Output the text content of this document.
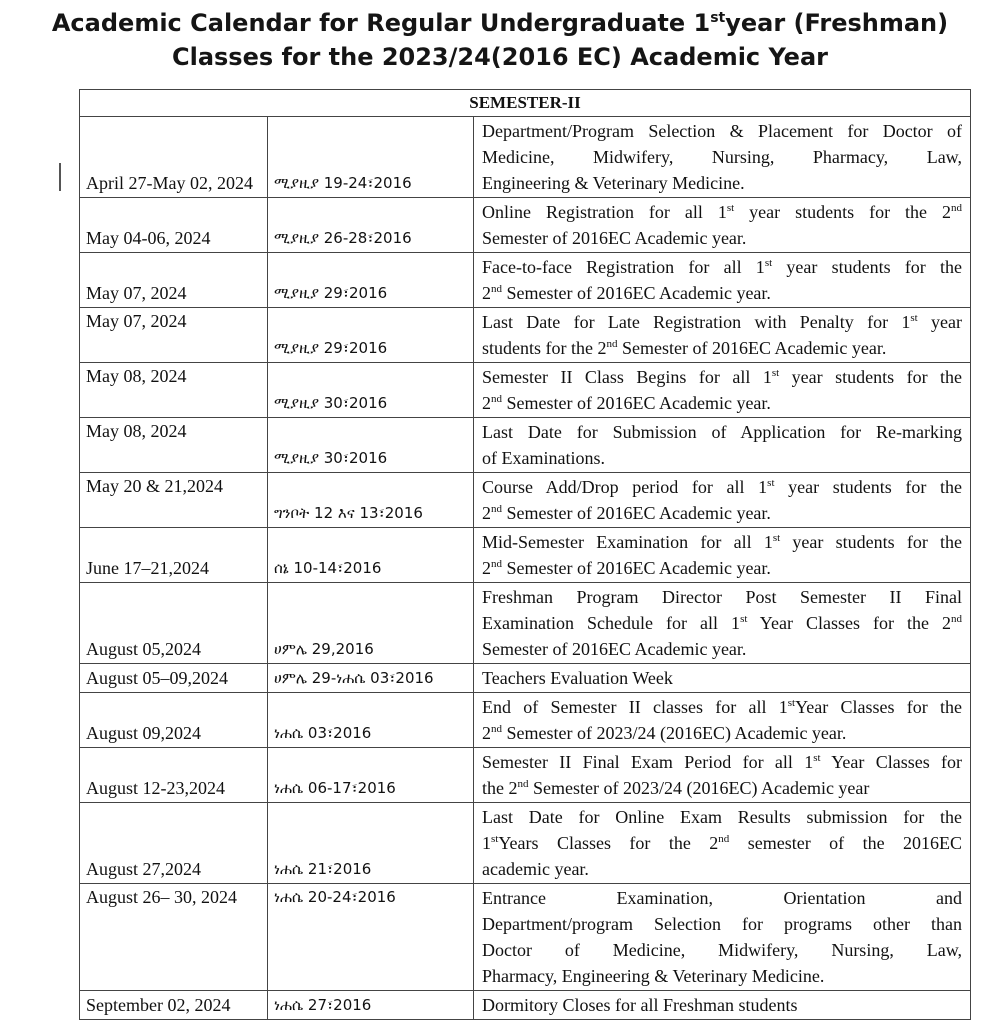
Academic Calendar for Regular Undergraduate 1styear (Freshman)
Classes for the 2023/24(2016 EC) Academic Year
SEMESTER-II		
April 27-May 02, 2024	ሚያዚያ 19-24፣2016	Department/Program Selection & Placement for Doctor of
Medicine, Midwifery, Nursing, Pharmacy, Law,
Engineering & Veterinary Medicine.

May 04-06, 2024	ሚያዚያ 26-28፣2016	Online Registration for all 1st year students for the 2nd
Semester of 2016EC Academic year.

May 07, 2024	ሚያዚያ 29፣2016	Face-to-face Registration for all 1st year students for the
2nd Semester of 2016EC Academic year.

May 07, 2024	ሚያዚያ 29፣2016	Last Date for Late Registration with Penalty for 1st year
students for the 2nd Semester of 2016EC Academic year.

May 08, 2024	ሚያዚያ 30፣2016	Semester II Class Begins for all 1st year students for the
2nd Semester of 2016EC Academic year.

May 08, 2024	ሚያዚያ 30፣2016	Last Date for Submission of Application for Re-marking
of Examinations.

May 20 & 21,2024	ግንቦት 12 እና 13፣2016	Course Add/Drop period for all 1st year students for the
2nd Semester of 2016EC Academic year.

June 17–21,2024	ሰኔ 10-14፣2016	Mid-Semester Examination for all 1st year students for the
2nd Semester of 2016EC Academic year.

August 05,2024	ሀምሌ 29,2016	Freshman Program Director Post Semester II Final
Examination Schedule for all 1st Year Classes for the 2nd
Semester of 2016EC Academic year.

August 05–09,2024	ሀምሌ 29-ነሐሴ 03፣2016	Teachers Evaluation Week

August 09,2024	ነሐሴ 03፣2016	End of Semester II classes for all 1stYear Classes for the
2nd Semester of 2023/24 (2016EC) Academic year.

August 12-23,2024	ነሐሴ 06-17፣2016	Semester II Final Exam Period for all 1st Year Classes for
the 2nd Semester of 2023/24 (2016EC) Academic year

August 27,2024	ነሐሴ 21፣2016	Last Date for Online Exam Results submission for the
1stYears Classes for the 2nd semester of the 2016EC
academic year.

August 26– 30, 2024	ነሐሴ 20-24፣2016	Entrance Examination, Orientation and
Department/program Selection for programs other than
Doctor of Medicine, Midwifery, Nursing, Law,
Pharmacy, Engineering & Veterinary Medicine.

September 02, 2024	ነሐሴ 27፣2016	Dormitory Closes for all Freshman students
